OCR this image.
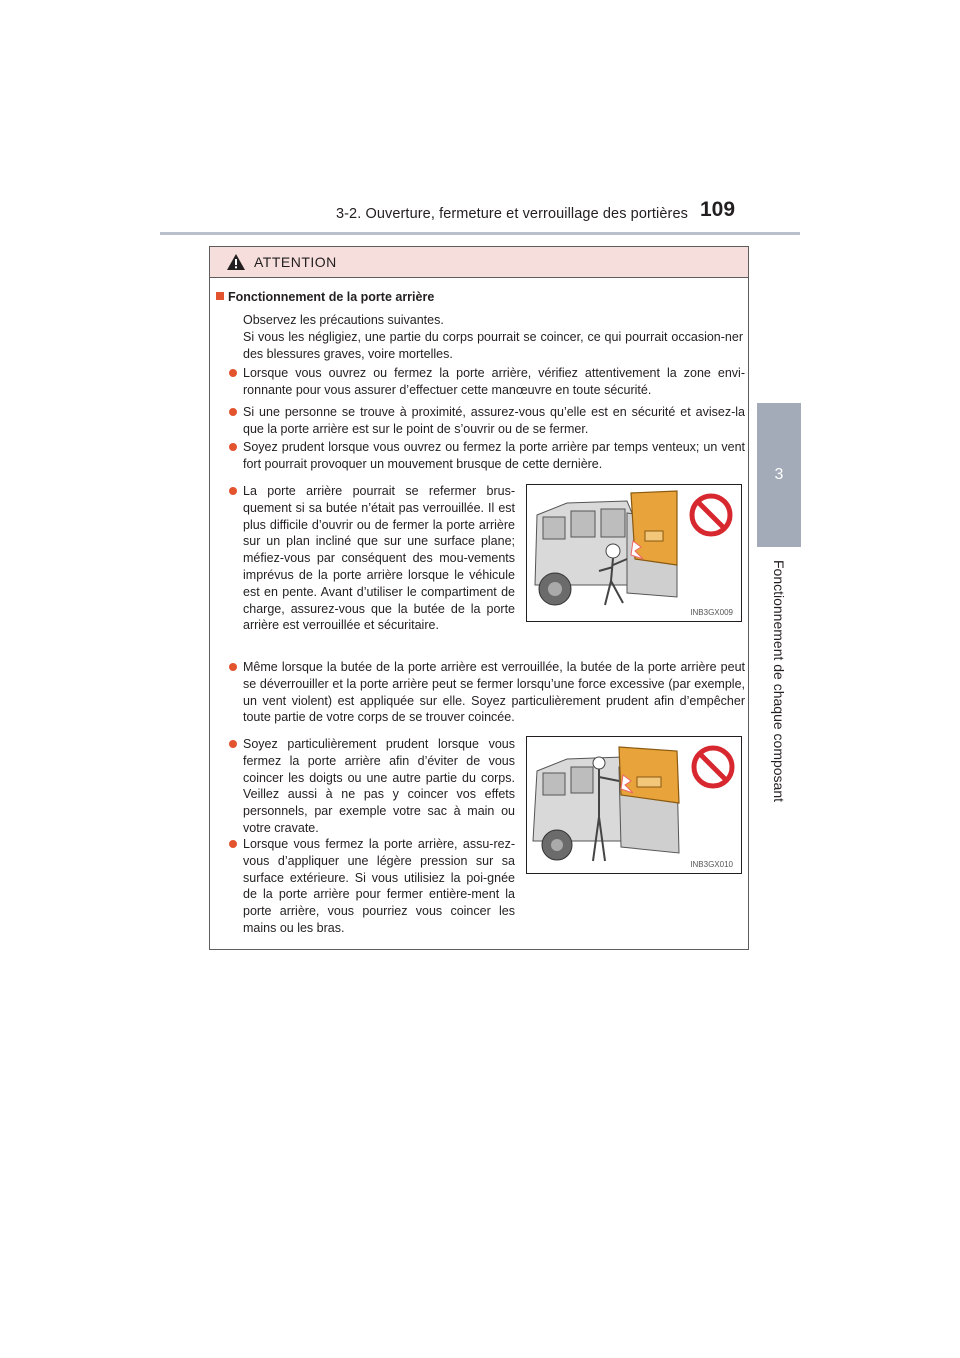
3-2. Ouverture, fermeture et verrouillage des portières 109
3
Fonctionnement de chaque composant
ATTENTION
Fonctionnement de la porte arrière
Observez les précautions suivantes.
Si vous les négligiez, une partie du corps pourrait se coincer, ce qui pourrait occasion-ner des blessures graves, voire mortelles.
Lorsque vous ouvrez ou fermez la porte arrière, vérifiez attentivement la zone envi-ronnante pour vous assurer d’effectuer cette manœuvre en toute sécurité.
Si une personne se trouve à proximité, assurez-vous qu’elle est en sécurité et avisez-la que la porte arrière est sur le point de s’ouvrir ou de se fermer.
Soyez prudent lorsque vous ouvrez ou fermez la porte arrière par temps venteux; un vent fort pourrait provoquer un mouvement brusque de cette dernière.
La porte arrière pourrait se refermer brus-quement si sa butée n’était pas verrouillée. Il est plus difficile d’ouvrir ou de fermer la porte arrière sur un plan incliné que sur une surface plane; méfiez-vous par conséquent des mou-vements imprévus de la porte arrière lorsque le véhicule est en pente. Avant d’utiliser le compartiment de charge, assurez-vous que la butée de la porte arrière est verrouillée et sécuritaire.
INB3GX009
Même lorsque la butée de la porte arrière est verrouillée, la butée de la porte arrière peut se déverrouiller et la porte arrière peut se fermer lorsqu’une force excessive (par exemple, un vent violent) est appliquée sur elle. Soyez particulièrement prudent afin d’empêcher toute partie de votre corps de se trouver coincée.
Soyez particulièrement prudent lorsque vous fermez la porte arrière afin d’éviter de vous coincer les doigts ou une autre partie du corps. Veillez aussi à ne pas y coincer vos effets personnels, par exemple votre sac à main ou votre cravate.
Lorsque vous fermez la porte arrière, assu-rez-vous d’appliquer une légère pression sur sa surface extérieure. Si vous utilisiez la poi-gnée de la porte arrière pour fermer entière-ment la porte arrière, vous pourriez vous coincer les mains ou les bras.
INB3GX010
